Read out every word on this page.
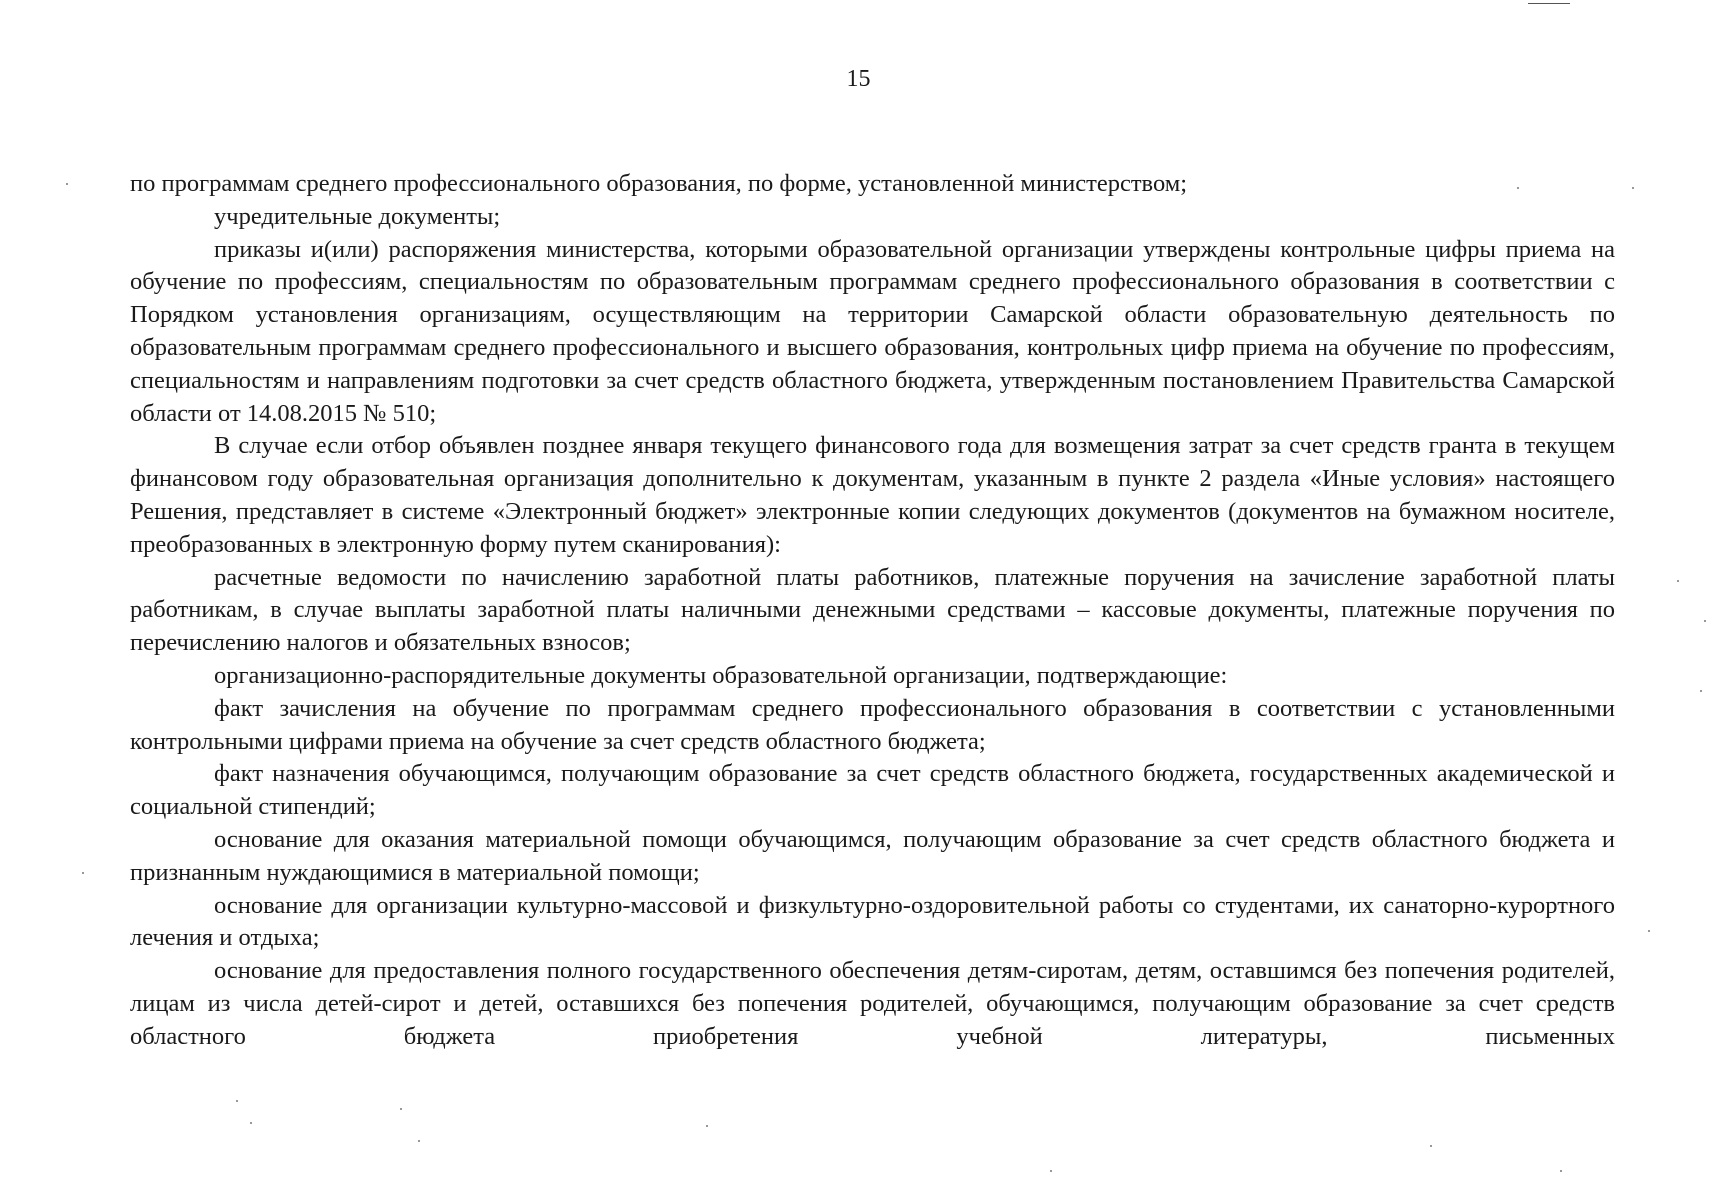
15

по программам среднего профессионального образования, по форме, установленной министерством;

учредительные документы;

приказы и(или) распоряжения министерства, которыми образовательной организации утверждены контрольные цифры приема на обучение по профессиям, специальностям по образовательным программам среднего профессионального образования в соответствии с Порядком установления организациям, осуществляющим на территории Самарской области образовательную деятельность по образовательным программам среднего профессионального и высшего образования, контрольных цифр приема на обучение по профессиям, специальностям и направлениям подготовки за счет средств областного бюджета, утвержденным постановлением Правительства Самарской области от 14.08.2015 № 510;

В случае если отбор объявлен позднее января текущего финансового года для возмещения затрат за счет средств гранта в текущем финансовом году образовательная организация дополнительно к документам, указанным в пункте 2 раздела «Иные условия» настоящего Решения, представляет в системе «Электронный бюджет» электронные копии следующих документов (документов на бумажном носителе, преобразованных в электронную форму путем сканирования):

расчетные ведомости по начислению заработной платы работников, платежные поручения на зачисление заработной платы работникам, в случае выплаты заработной платы наличными денежными средствами – кассовые документы, платежные поручения по перечислению налогов и обязательных взносов;

организационно-распорядительные документы образовательной организации, подтверждающие:

факт зачисления на обучение по программам среднего профессионального образования в соответствии с установленными контрольными цифрами приема на обучение за счет средств областного бюджета;

факт назначения обучающимся, получающим образование за счет средств областного бюджета, государственных академической и социальной стипендий;

основание для оказания материальной помощи обучающимся, получающим образование за счет средств областного бюджета и признанным нуждающимися в материальной помощи;

основание для организации культурно-массовой и физкультурно-оздоровительной работы со студентами, их санаторно-курортного лечения и отдыха;

основание для предоставления полного государственного обеспечения детям-сиротам, детям, оставшимся без попечения родителей, лицам из числа детей-сирот и детей, оставшихся без попечения родителей, обучающимся, получающим образование за счет средств областного бюджета приобретения учебной литературы, письменных
